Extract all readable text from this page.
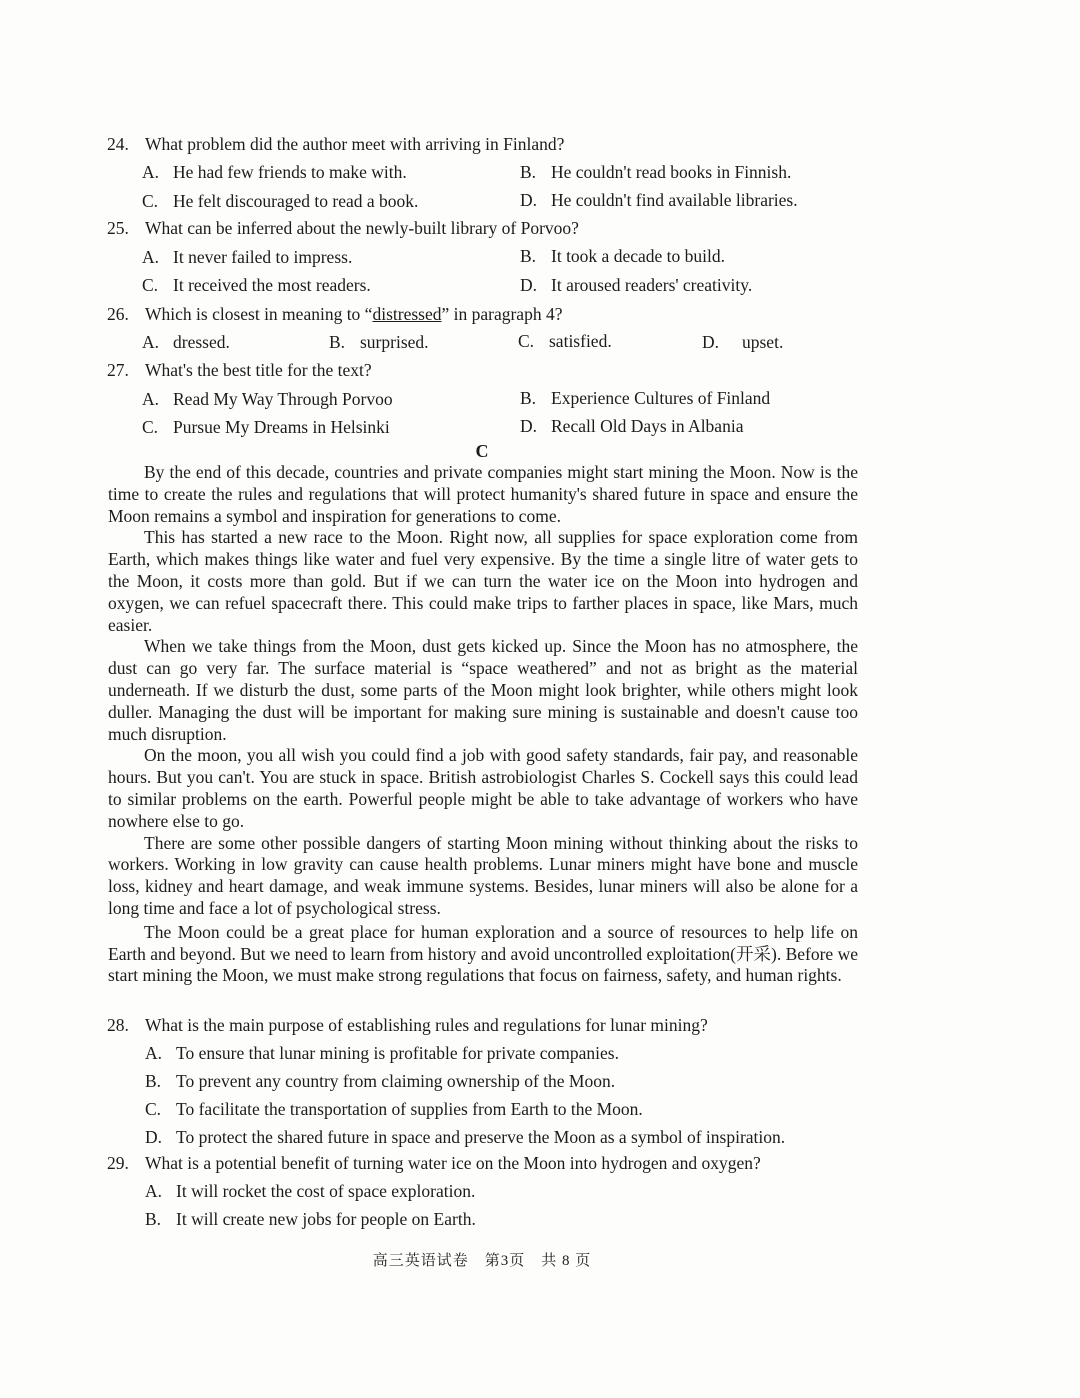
24. What problem did the author meet with arriving in Finland?
A. He had few friends to make with.	B. He couldn't read books in Finnish.
C. He felt discouraged to read a book.	D. He couldn't find available libraries.
25. What can be inferred about the newly-built library of Porvoo?
A. It never failed to impress.	B. It took a decade to build.
C. It received the most readers.	D. It aroused readers' creativity.
26. Which is closest in meaning to “distressed” in paragraph 4?
A. dressed.	B. surprised.	C. satisfied.	D. upset.
27. What's the best title for the text?
A. Read My Way Through Porvoo	B. Experience Cultures of Finland
C. Pursue My Dreams in Helsinki	D. Recall Old Days in Albania
C

By the end of this decade, countries and private companies might start mining the Moon. Now is the time to create the rules and regulations that will protect humanity's shared future in space and ensure the Moon remains a symbol and inspiration for generations to come.

This has started a new race to the Moon. Right now, all supplies for space exploration come from Earth, which makes things like water and fuel very expensive. By the time a single litre of water gets to the Moon, it costs more than gold. But if we can turn the water ice on the Moon into hydrogen and oxygen, we can refuel spacecraft there. This could make trips to farther places in space, like Mars, much easier.

When we take things from the Moon, dust gets kicked up. Since the Moon has no atmosphere, the dust can go very far. The surface material is “space weathered” and not as bright as the material underneath. If we disturb the dust, some parts of the Moon might look brighter, while others might look duller. Managing the dust will be important for making sure mining is sustainable and doesn't cause too much disruption.

On the moon, you all wish you could find a job with good safety standards, fair pay, and reasonable hours. But you can't. You are stuck in space. British astrobiologist Charles S. Cockell says this could lead to similar problems on the earth. Powerful people might be able to take advantage of workers who have nowhere else to go.

There are some other possible dangers of starting Moon mining without thinking about the risks to workers. Working in low gravity can cause health problems. Lunar miners might have bone and muscle loss, kidney and heart damage, and weak immune systems. Besides, lunar miners will also be alone for a long time and face a lot of psychological stress.

The Moon could be a great place for human exploration and a source of resources to help life on Earth and beyond. But we need to learn from history and avoid uncontrolled exploitation(开采). Before we start mining the Moon, we must make strong regulations that focus on fairness, safety, and human rights.

28. What is the main purpose of establishing rules and regulations for lunar mining?
A. To ensure that lunar mining is profitable for private companies.
B. To prevent any country from claiming ownership of the Moon.
C. To facilitate the transportation of supplies from Earth to the Moon.
D. To protect the shared future in space and preserve the Moon as a symbol of inspiration.
29. What is a potential benefit of turning water ice on the Moon into hydrogen and oxygen?
A. It will rocket the cost of space exploration.
B. It will create new jobs for people on Earth.
高三英语试卷　第3页　共 8 页
